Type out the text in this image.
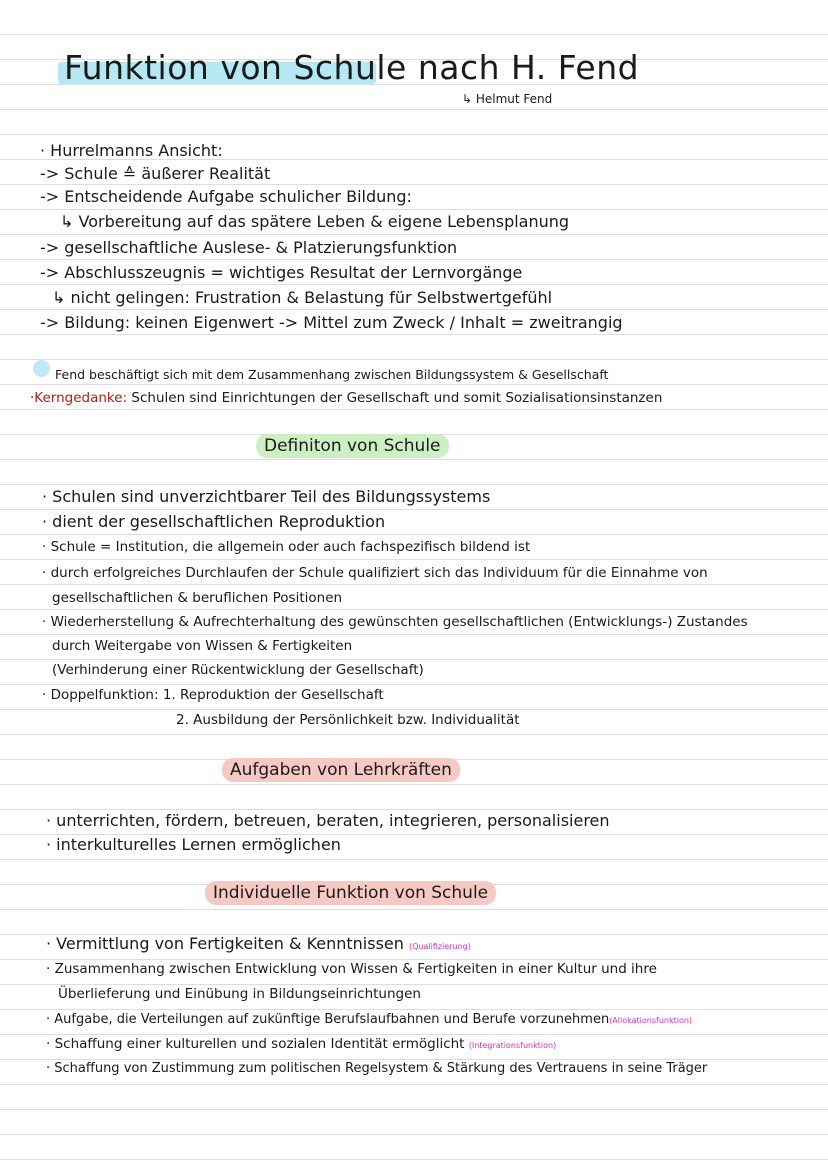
Funktion von Schule nach H. Fend
↳ Helmut Fend
· Hurrelmanns Ansicht:
-> Schule ≙ äußerer Realität
-> Entscheidende Aufgabe schulicher Bildung:
↳ Vorbereitung auf das spätere Leben & eigene Lebensplanung
-> gesellschaftliche Auslese- & Platzierungsfunktion
-> Abschlusszeugnis = wichtiges Resultat der Lernvorgänge
↳ nicht gelingen: Frustration & Belastung für Selbstwertgefühl
-> Bildung: keinen Eigenwert -> Mittel zum Zweck / Inhalt = zweitrangig
Fend beschäftigt sich mit dem Zusammenhang zwischen Bildungssystem & Gesellschaft
·Kerngedanke: Schulen sind Einrichtungen der Gesellschaft und somit Sozialisationsinstanzen
Definiton von Schule
· Schulen sind unverzichtbarer Teil des Bildungssystems
· dient der gesellschaftlichen Reproduktion
· Schule = Institution, die allgemein oder auch fachspezifisch bildend ist
· durch erfolgreiches Durchlaufen der Schule qualifiziert sich das Individuum für die Einnahme von
gesellschaftlichen & beruflichen Positionen
· Wiederherstellung & Aufrechterhaltung des gewünschten gesellschaftlichen (Entwicklungs-) Zustandes
durch Weitergabe von Wissen & Fertigkeiten
(Verhinderung einer Rückentwicklung der Gesellschaft)
· Doppelfunktion: 1. Reproduktion der Gesellschaft
2. Ausbildung der Persönlichkeit bzw. Individualität
Aufgaben von Lehrkräften
· unterrichten, fördern, betreuen, beraten, integrieren, personalisieren
· interkulturelles Lernen ermöglichen
Individuelle Funktion von Schule
· Vermittlung von Fertigkeiten & Kenntnissen (Qualifizierung)
· Zusammenhang zwischen Entwicklung von Wissen & Fertigkeiten in einer Kultur und ihre
Überlieferung und Einübung in Bildungseinrichtungen
· Aufgabe, die Verteilungen auf zukünftige Berufslaufbahnen und Berufe vorzunehmen(Allokationsfunktion)
· Schaffung einer kulturellen und sozialen Identität ermöglicht (Integrationsfunktion)
· Schaffung von Zustimmung zum politischen Regelsystem & Stärkung des Vertrauens in seine Träger
